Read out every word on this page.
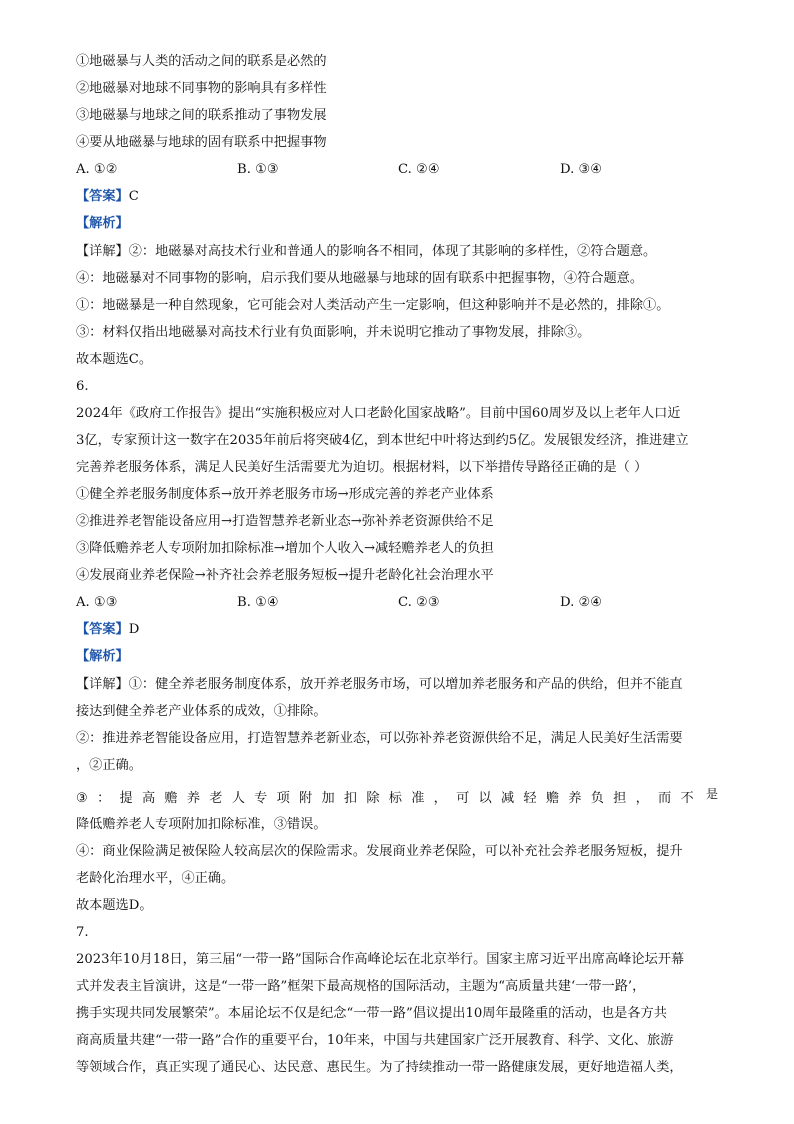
①地磁暴与人类的活动之间的联系是必然的
②地磁暴对地球不同事物的影响具有多样性
③地磁暴与地球之间的联系推动了事物发展
④要从地磁暴与地球的固有联系中把握事物
A. ①②	B. ①③	C. ②④	D. ③④
【答案】C
【解析】
【详解】②：地磁暴对高技术行业和普通人的影响各不相同，体现了其影响的多样性，②符合题意。
④：地磁暴对不同事物的影响，启示我们要从地磁暴与地球的固有联系中把握事物，④符合题意。
①：地磁暴是一种自然现象，它可能会对人类活动产生一定影响，但这种影响并不是必然的，排除①。
③：材料仅指出地磁暴对高技术行业有负面影响，并未说明它推动了事物发展，排除③。
故本题选C。
6.
2024年《政府工作报告》提出“实施积极应对人口老龄化国家战略”。目前中国60周岁及以上老年人口近
3亿，专家预计这一数字在2035年前后将突破4亿，到本世纪中叶将达到约5亿。发展银发经济，推进建立
完善养老服务体系，满足人民美好生活需要尤为迫切。根据材料，以下举措传导路径正确的是（ ）
①健全养老服务制度体系→放开养老服务市场→形成完善的养老产业体系
②推进养老智能设备应用→打造智慧养老新业态→弥补养老资源供给不足
③降低赡养老人专项附加扣除标准→增加个人收入→减轻赡养老人的负担
④发展商业养老保险→补齐社会养老服务短板→提升老龄化社会治理水平
A. ①③	B. ①④	C. ②③	D. ②④
【答案】D
【解析】
【详解】①：健全养老服务制度体系，放开养老服务市场，可以增加养老服务和产品的供给，但并不能直
接达到健全养老产业体系的成效，①排除。
②：推进养老智能设备应用，打造智慧养老新业态，可以弥补养老资源供给不足，满足人民美好生活需要
，②正确。
③ ： 提 高 赡 养 老 人 专 项 附 加 扣 除 标 准 ， 可 以 减 轻 赡 养 负 担 ， 而 不 是
降低赡养老人专项附加扣除标准，③错误。
④：商业保险满足被保险人较高层次的保险需求。发展商业养老保险，可以补充社会养老服务短板，提升
老龄化治理水平，④正确。
故本题选D。
7.
2023年10月18日，第三届“一带一路”国际合作高峰论坛在北京举行。国家主席习近平出席高峰论坛开幕
式并发表主旨演讲，这是“一带一路”框架下最高规格的国际活动，主题为“高质量共建‘一带一路’，
携手实现共同发展繁荣”。本届论坛不仅是纪念“一带一路”倡议提出10周年最隆重的活动，也是各方共
商高质量共建“一带一路”合作的重要平台，10年来，中国与共建国家广泛开展教育、科学、文化、旅游
等领域合作，真正实现了通民心、达民意、惠民生。为了持续推动一带一路健康发展，更好地造福人类，
